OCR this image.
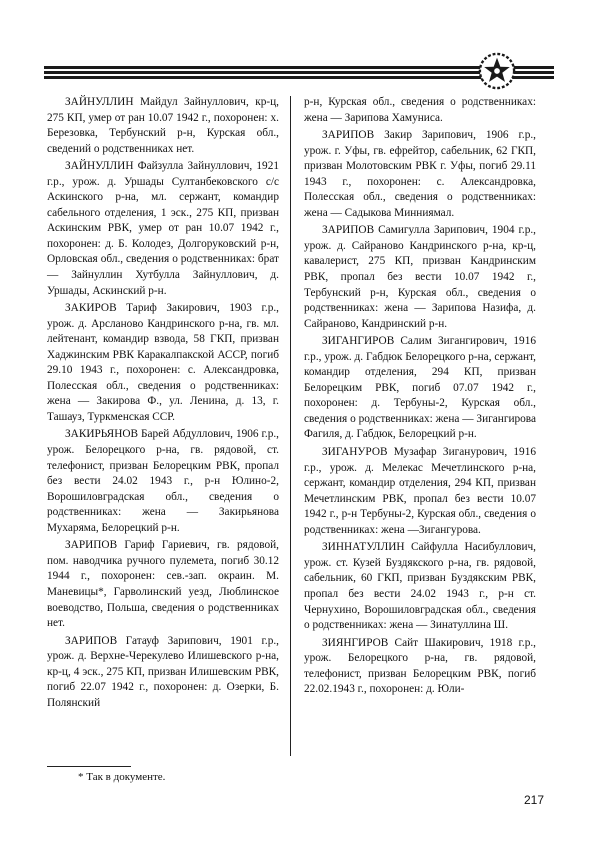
ЗАЙНУЛЛИН Майдул Зайнуллович, кр-ц, 275 КП, умер от ран 10.07 1942 г., похоронен: х. Березовка, Тербунский р-н, Курская обл., сведений о родственниках нет.

ЗАЙНУЛЛИН Файзулла Зайнуллович, 1921 г.р., урож. д. Уршады Султанбековского с/с Аскинского р-на, мл. сержант, командир сабельного отделения, 1 эск., 275 КП, призван Аскинским РВК, умер от ран 10.07 1942 г., похоронен: д. Б. Колодез, Долгоруковский р-н, Орловская обл., сведения о родственниках: брат — Зайнуллин Хутбулла Зайнуллович, д. Уршады, Аскинский р-н.

ЗАКИРОВ Тариф Закирович, 1903 г.р., урож. д. Арсланово Кандринского р-на, гв. мл. лейтенант, командир взвода, 58 ГКП, призван Хаджинским РВК Каракалпакской АССР, погиб 29.10 1943 г., похоронен: с. Александровка, Полесская обл., сведения о родственниках: жена — Закирова Ф., ул. Ленина, д. 13, г. Ташауз, Туркменская ССР.

ЗАКИРЬЯНОВ Барей Абдуллович, 1906 г.р., урож. Белорецкого р-на, гв. рядовой, ст. телефонист, призван Белорецким РВК, пропал без вести 24.02 1943 г., р-н Юлино-2, Ворошиловградская обл., сведения о родственниках: жена — Закирьянова Мухаряма, Белорецкий р-н.

ЗАРИПОВ Гариф Гариевич, гв. рядовой, пом. наводчика ручного пулемета, погиб 30.12 1944 г., похоронен: сев.-зап. окраин. М. Маневицы*, Гарволинский уезд, Люблинское воеводство, Польша, сведения о родственниках нет.

ЗАРИПОВ Гатауф Зарипович, 1901 г.р., урож. д. Верхне-Черекулево Илишевского р-на, кр-ц, 4 эск., 275 КП, призван Илишевским РВК, погиб 22.07 1942 г., похоронен: д. Озерки, Б. Полянский

р-н, Курская обл., сведения о родственниках: жена — Зарипова Хамуниса.

ЗАРИПОВ Закир Зарипович, 1906 г.р., урож. г. Уфы, гв. ефрейтор, сабельник, 62 ГКП, призван Молотовским РВК г. Уфы, погиб 29.11 1943 г., похоронен: с. Александровка, Полесская обл., сведения о родственниках: жена — Садыкова Минниямал.

ЗАРИПОВ Самигулла Зарипович, 1904 г.р., урож. д. Сайраново Кандринского р-на, кр-ц, кавалерист, 275 КП, призван Кандринским РВК, пропал без вести 10.07 1942 г., Тербунский р-н, Курская обл., сведения о родственниках: жена — Зарипова Назифа, д. Сайраново, Кандринский р-н.

ЗИГАНГИРОВ Салим Зигангирович, 1916 г.р., урож. д. Габдюк Белорецкого р-на, сержант, командир отделения, 294 КП, призван Белорецким РВК, погиб 07.07 1942 г., похоронен: д. Тербуны-2, Курская обл., сведения о родственниках: жена — Зигангирова Фагиля, д. Габдюк, Белорецкий р-н.

ЗИГАНУРОВ Музафар Зиганурович, 1916 г.р., урож. д. Мелекас Мечетлинского р-на, сержант, командир отделения, 294 КП, призван Мечетлинским РВК, пропал без вести 10.07 1942 г., р-н Тербуны-2, Курская обл., сведения о родственниках: жена —Зигангурова.

ЗИННАТУЛЛИН Сайфулла Насибуллович, урож. ст. Кузей Буздякского р-на, гв. рядовой, сабельник, 60 ГКП, призван Буздякским РВК, пропал без вести 24.02 1943 г., р-н ст. Чернухино, Ворошиловградская обл., сведения о родственниках: жена — Зинатуллина Ш.

ЗИЯНГИРОВ Сайт Шакирович, 1918 г.р., урож. Белорецкого р-на, гв. рядовой, телефонист, призван Белорецким РВК, погиб 22.02.1943 г., похоронен: д. Юли-

* Так в документе.
217
